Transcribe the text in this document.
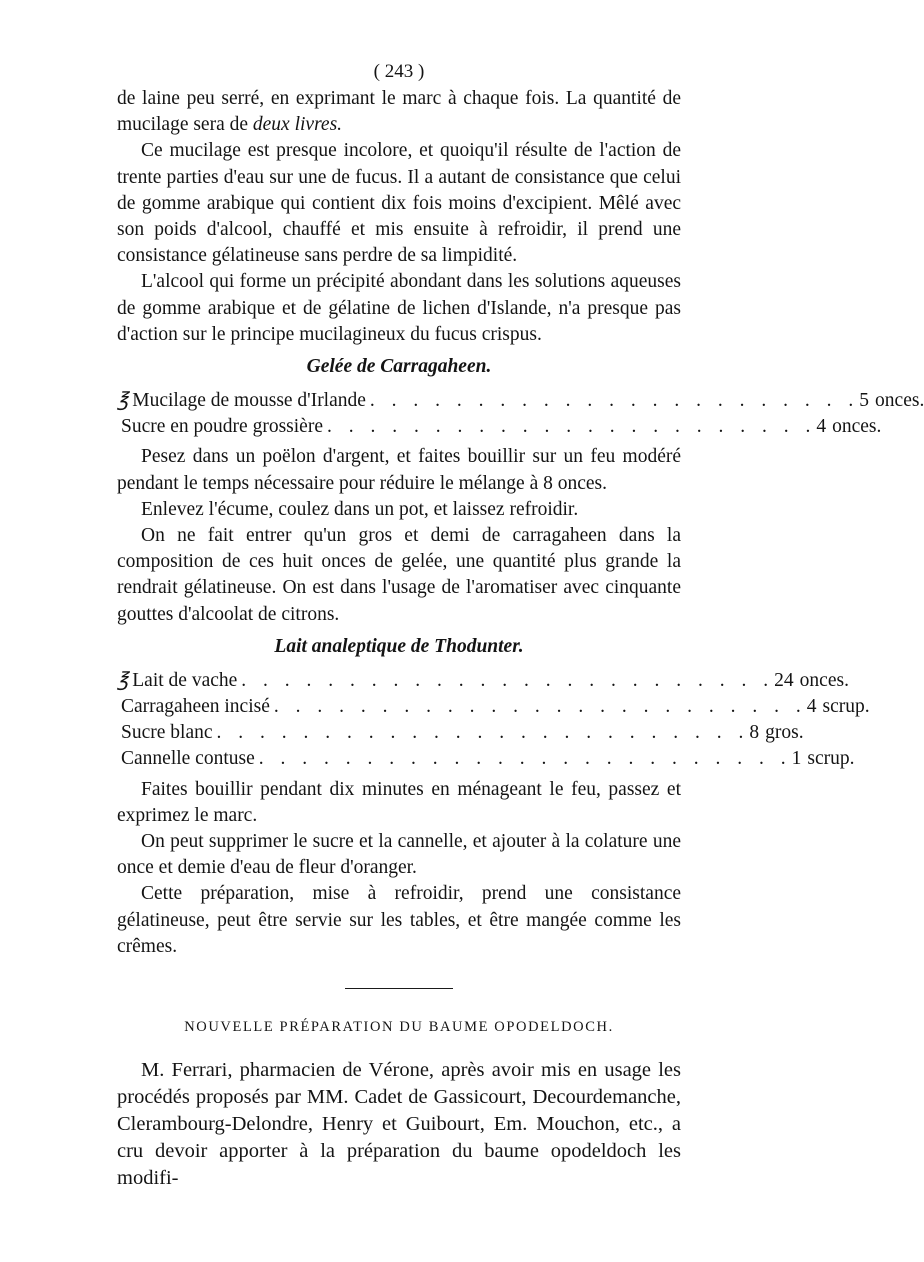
( 243 )

de laine peu serré, en exprimant le marc à chaque fois. La quantité de mucilage sera de deux livres.

Ce mucilage est presque incolore, et quoiqu'il résulte de l'action de trente parties d'eau sur une de fucus. Il a autant de consistance que celui de gomme arabique qui contient dix fois moins d'excipient. Mêlé avec son poids d'alcool, chauffé et mis ensuite à refroidir, il prend une consistance gélatineuse sans perdre de sa limpidité.

L'alcool qui forme un précipité abondant dans les solutions aqueuses de gomme arabique et de gélatine de lichen d'Islande, n'a presque pas d'action sur le principe mucilagineux du fucus crispus.

Gelée de Carragaheen.
℥ Mucilage de mousse d'Irlande . . . . . . . . . . . . . . . . . . . . . . . 5 onces.
Sucre en poudre grossière . . . . . . . . . . . . . . . . . . . . . . . 4 onces.

Pesez dans un poëlon d'argent, et faites bouillir sur un feu modéré pendant le temps nécessaire pour réduire le mélange à 8 onces.

Enlevez l'écume, coulez dans un pot, et laissez refroidir.

On ne fait entrer qu'un gros et demi de carragaheen dans la composition de ces huit onces de gelée, une quantité plus grande la rendrait gélatineuse. On est dans l'usage de l'aromatiser avec cinquante gouttes d'alcoolat de citrons.

Lait analeptique de Thodunter.
℥ Lait de vache . . . . . . . . . . . . . . . . . . . . . . . . . 24 onces.
Carragaheen incisé . . . . . . . . . . . . . . . . . . . . . . . . . 4 scrup.
Sucre blanc . . . . . . . . . . . . . . . . . . . . . . . . . 8 gros.
Cannelle contuse . . . . . . . . . . . . . . . . . . . . . . . . . 1 scrup.

Faites bouillir pendant dix minutes en ménageant le feu, passez et exprimez le marc.

On peut supprimer le sucre et la cannelle, et ajouter à la colature une once et demie d'eau de fleur d'oranger.

Cette préparation, mise à refroidir, prend une consistance gélatineuse, peut être servie sur les tables, et être mangée comme les crêmes.

NOUVELLE PRÉPARATION DU BAUME OPODELDOCH.

M. Ferrari, pharmacien de Vérone, après avoir mis en usage les procédés proposés par MM. Cadet de Gassicourt, Decourdemanche, Clerambourg-Delondre, Henry et Guibourt, Em. Mouchon, etc., a cru devoir apporter à la préparation du baume opodeldoch les modifi-
